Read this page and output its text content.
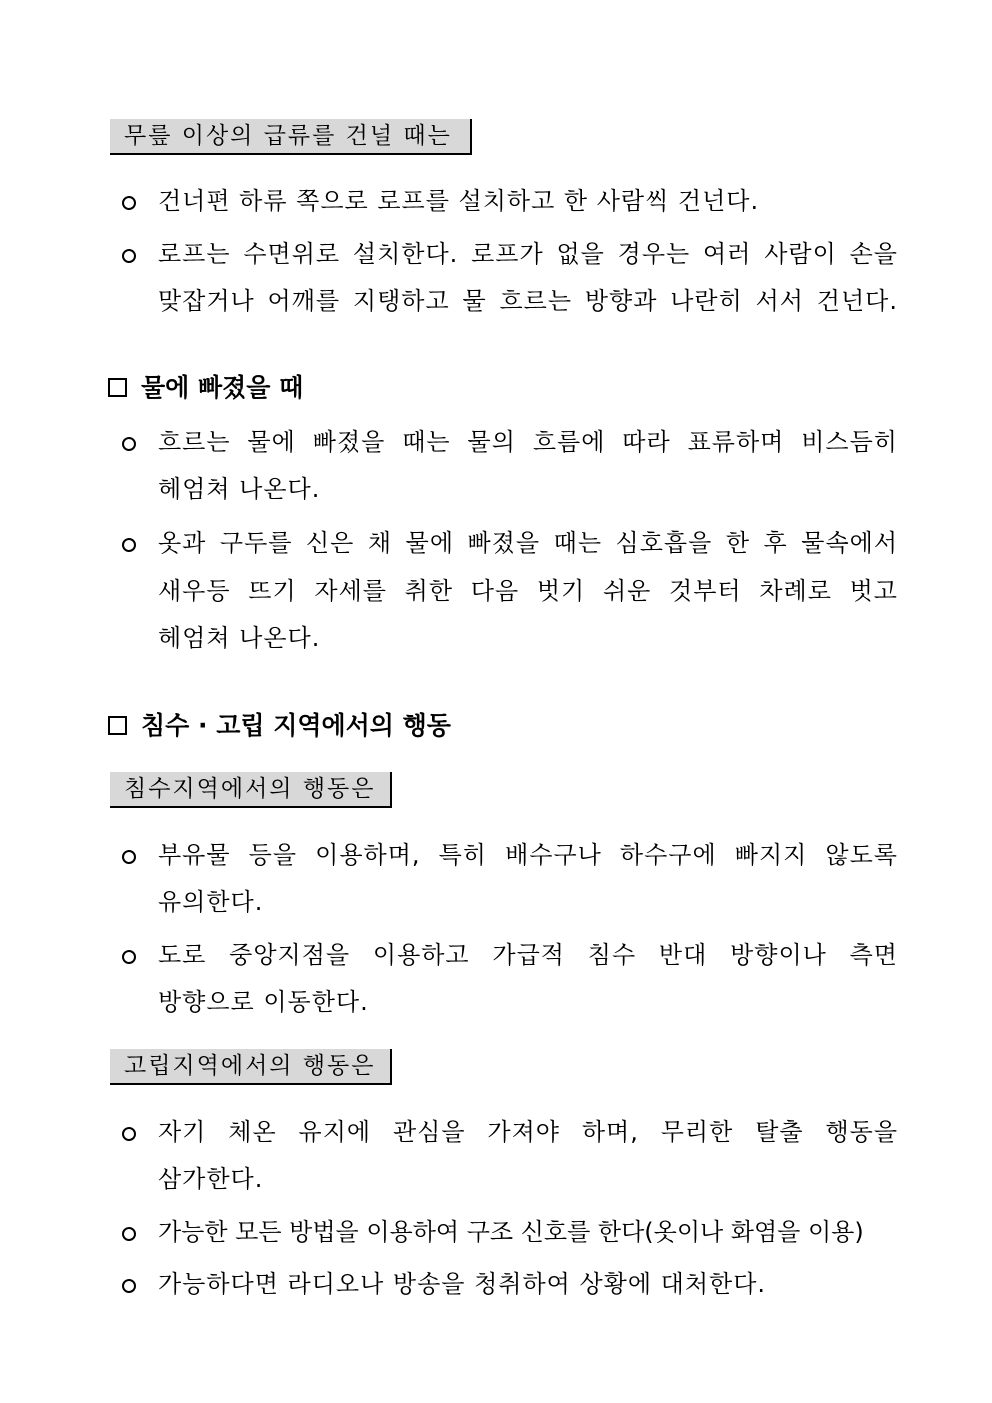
무릎 이상의 급류를 건널 때는
건너편 하류 쪽으로 로프를 설치하고 한 사람씩 건넌다.
로프는 수면위로 설치한다. 로프가 없을 경우는 여러 사람이 손을
맞잡거나 어깨를 지탱하고 물 흐르는 방향과 나란히 서서 건넌다.
물에 빠졌을 때
흐르는 물에 빠졌을 때는 물의 흐름에 따라 표류하며 비스듬히
헤엄쳐 나온다.
옷과 구두를 신은 채 물에 빠졌을 때는 심호흡을 한 후 물속에서
새우등 뜨기 자세를 취한 다음 벗기 쉬운 것부터 차례로 벗고
헤엄쳐 나온다.
침수 · 고립 지역에서의 행동
침수지역에서의 행동은
부유물 등을 이용하며, 특히 배수구나 하수구에 빠지지 않도록
유의한다.
도로 중앙지점을 이용하고 가급적 침수 반대 방향이나 측면
방향으로 이동한다.
고립지역에서의 행동은
자기 체온 유지에 관심을 가져야 하며, 무리한 탈출 행동을
삼가한다.
가능한 모든 방법을 이용하여 구조 신호를 한다(옷이나 화염을 이용)
가능하다면 라디오나 방송을 청취하여 상황에 대처한다.
